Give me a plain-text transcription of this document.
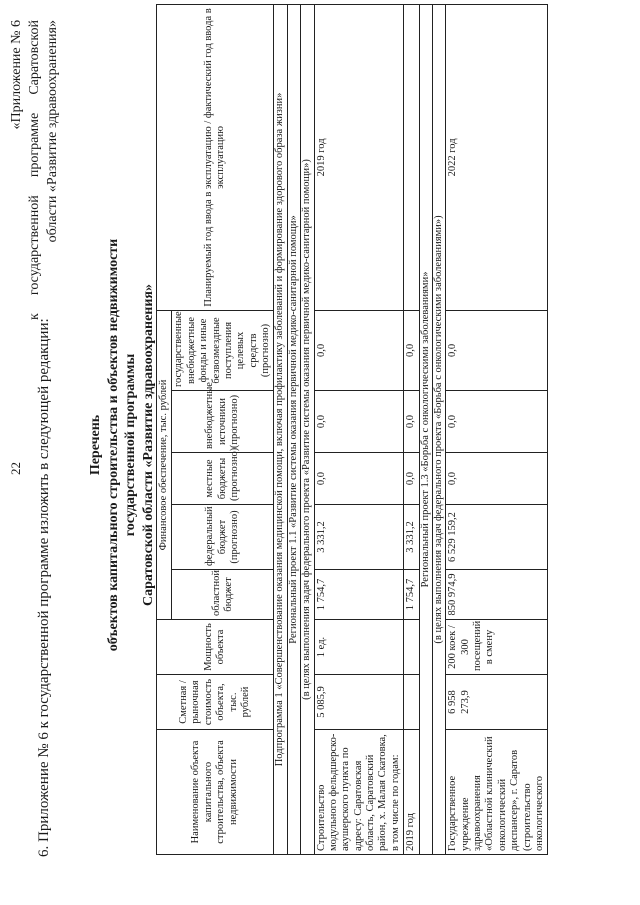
22 6. Приложение № 6 к государственной программе изложить в следующей редакции:
«Приложение № 6 к государственной программе Саратовской области «Развитие здравоохранения»
Перечень объектов капитального строительства и объектов недвижимости государственной программы Саратовской области «Развитие здравоохранения»
Наименование объекта капитального строительства, объекта недвижимости	Сметная / рыночная стоимость объекта, тыс. рублей	Мощность объекта	Финансовое обеспечение, тыс. рублей					Планируемый год ввода в эксплуатацию / фактический год ввода в эксплуатацию
			областной бюджет	федеральный бюджет (прогнозно)	местные бюджеты (прогнозно)	внебюджетные источники (прогнозно)	государственные внебюджетные фонды и иные безвозмездные поступления целевых средств (прогнозно)	
Подпрограмма 1 «Совершенствование оказания медицинской помощи, включая профилактику заболеваний и формирование здорового образа жизни»								
Региональный проект 1.1 «Развитие системы оказания первичной медико-санитарной помощи»								
(в целях выполнения задач федерального проекта «Развитие системы оказания первичной медико-санитарной помощи»)								
Строительство модульного фельдшерско-акушерского пункта по адресу: Саратовская область, Саратовский район, х. Малая Скатовка, в том числе по годам:	5 085,9	1 ед.	1 754,7	3 331,2	0,0	0,0	0,0	2019 год
2019 год			1 754,7	3 331,2	0,0	0,0	0,0	
Региональный проект 1.3 «Борьба с онкологическими заболеваниями»								
(в целях выполнения задач федерального проекта «Борьба с онкологическими заболеваниями»)								
Государственное учреждение здравоохранения «Областной клинический онкологический диспансер», г. Саратов (строительство онкологического	6 958 273,9	200 коек / 300 посещений в смену	850 974,9	6 529 159,2	0,0	0,0	0,0	2022 год
